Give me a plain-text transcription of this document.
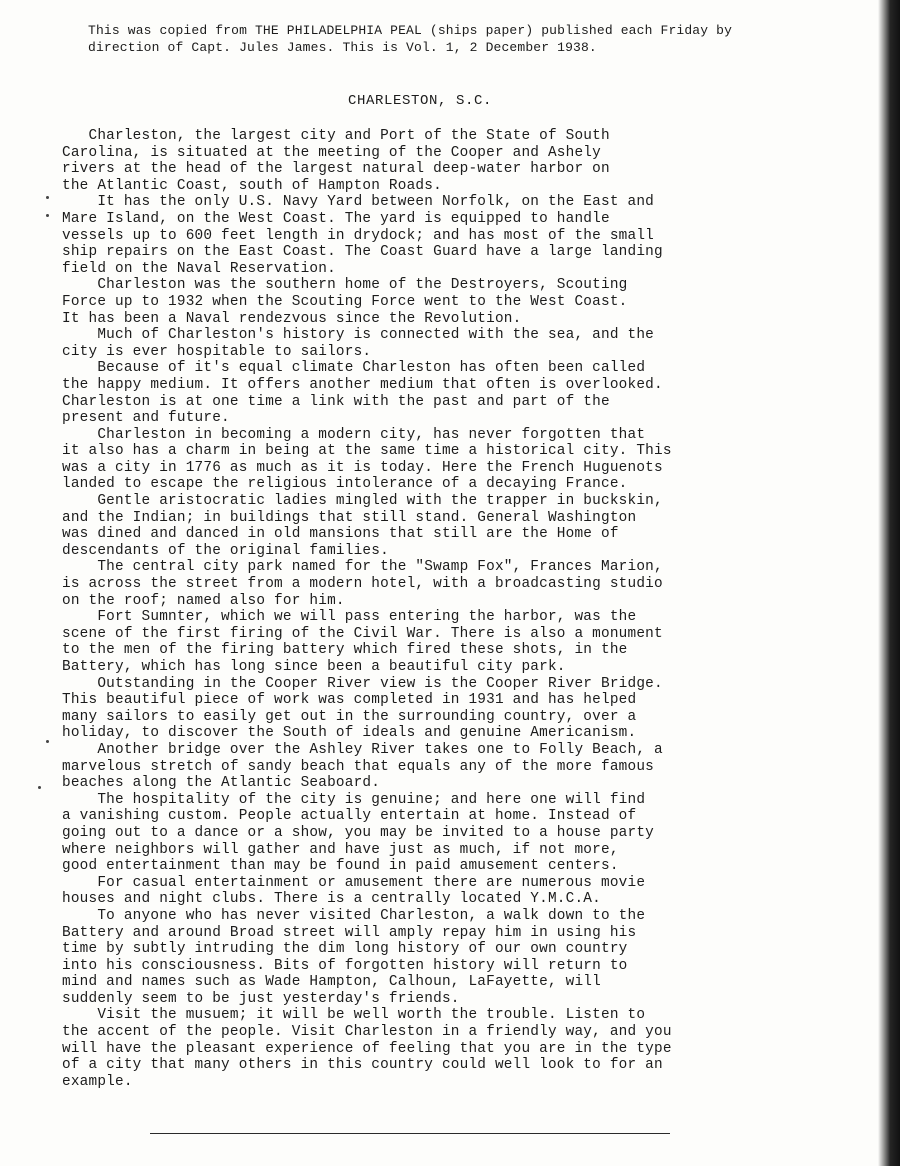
This was copied from THE PHILADELPHIA PEAL (ships paper) published each Friday by
direction of Capt. Jules James. This is Vol. 1, 2 December 1938.
CHARLESTON, S.C.
Charleston, the largest city and Port of the State of South
Carolina, is situated at the meeting of the Cooper and Ashely
rivers at the head of the largest natural deep-water harbor on
the Atlantic Coast, south of Hampton Roads.
It has the only U.S. Navy Yard between Norfolk, on the East and
Mare Island, on the West Coast. The yard is equipped to handle
vessels up to 600 feet length in drydock; and has most of the small
ship repairs on the East Coast. The Coast Guard have a large landing
field on the Naval Reservation.
Charleston was the southern home of the Destroyers, Scouting
Force up to 1932 when the Scouting Force went to the West Coast.
It has been a Naval rendezvous since the Revolution.
Much of Charleston's history is connected with the sea, and the
city is ever hospitable to sailors.
Because of it's equal climate Charleston has often been called
the happy medium. It offers another medium that often is overlooked.
Charleston is at one time a link with the past and part of the
present and future.
Charleston in becoming a modern city, has never forgotten that
it also has a charm in being at the same time a historical city. This
was a city in 1776 as much as it is today. Here the French Huguenots
landed to escape the religious intolerance of a decaying France.
Gentle aristocratic ladies mingled with the trapper in buckskin,
and the Indian; in buildings that still stand. General Washington
was dined and danced in old mansions that still are the Home of
descendants of the original families.
The central city park named for the "Swamp Fox", Frances Marion,
is across the street from a modern hotel, with a broadcasting studio
on the roof; named also for him.
Fort Sumnter, which we will pass entering the harbor, was the
scene of the first firing of the Civil War. There is also a monument
to the men of the firing battery which fired these shots, in the
Battery, which has long since been a beautiful city park.
Outstanding in the Cooper River view is the Cooper River Bridge.
This beautiful piece of work was completed in 1931 and has helped
many sailors to easily get out in the surrounding country, over a
holiday, to discover the South of ideals and genuine Americanism.
Another bridge over the Ashley River takes one to Folly Beach, a
marvelous stretch of sandy beach that equals any of the more famous
beaches along the Atlantic Seaboard.
The hospitality of the city is genuine; and here one will find
a vanishing custom. People actually entertain at home. Instead of
going out to a dance or a show, you may be invited to a house party
where neighbors will gather and have just as much, if not more,
good entertainment than may be found in paid amusement centers.
For casual entertainment or amusement there are numerous movie
houses and night clubs. There is a centrally located Y.M.C.A.
To anyone who has never visited Charleston, a walk down to the
Battery and around Broad street will amply repay him in using his
time by subtly intruding the dim long history of our own country
into his consciousness. Bits of forgotten history will return to
mind and names such as Wade Hampton, Calhoun, LaFayette, will
suddenly seem to be just yesterday's friends.
Visit the musuem; it will be well worth the trouble. Listen to
the accent of the people. Visit Charleston in a friendly way, and you
will have the pleasant experience of feeling that you are in the type
of a city that many others in this country could well look to for an
example.
